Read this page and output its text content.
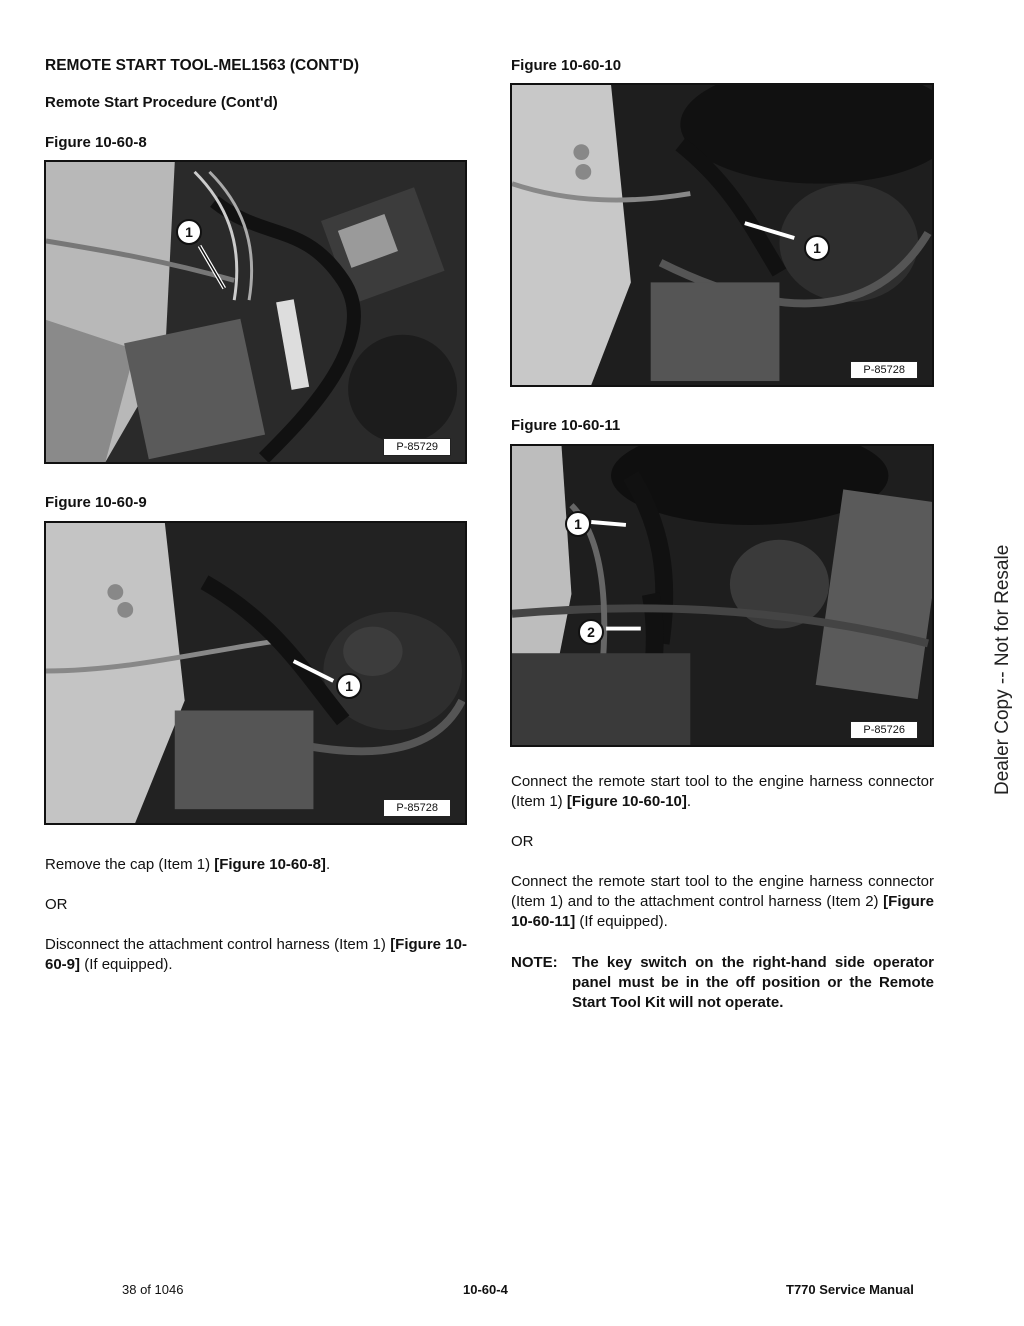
REMOTE START TOOL-MEL1563 (CONT'D)
Remote Start Procedure (Cont'd)
Figure 10-60-8
1
P-85729
Figure 10-60-9
1
P-85728
Figure 10-60-10
1
P-85728
Figure 10-60-11
1
2
P-85726
Remove the cap (Item 1) [Figure 10-60-8].
OR
Disconnect the attachment control harness (Item 1) [Figure 10-60-9] (If equipped).
Connect the remote start tool to the engine harness connector (Item 1) [Figure 10-60-10].
OR
Connect the remote start tool to the engine harness connector (Item 1) and to the attachment control harness (Item 2) [Figure 10-60-11] (If equipped).
NOTE: The key switch on the right-hand side operator panel must be in the off position or the Remote Start Tool Kit will not operate.
Dealer Copy -- Not for Resale
38 of 1046	10-60-4	T770 Service Manual
